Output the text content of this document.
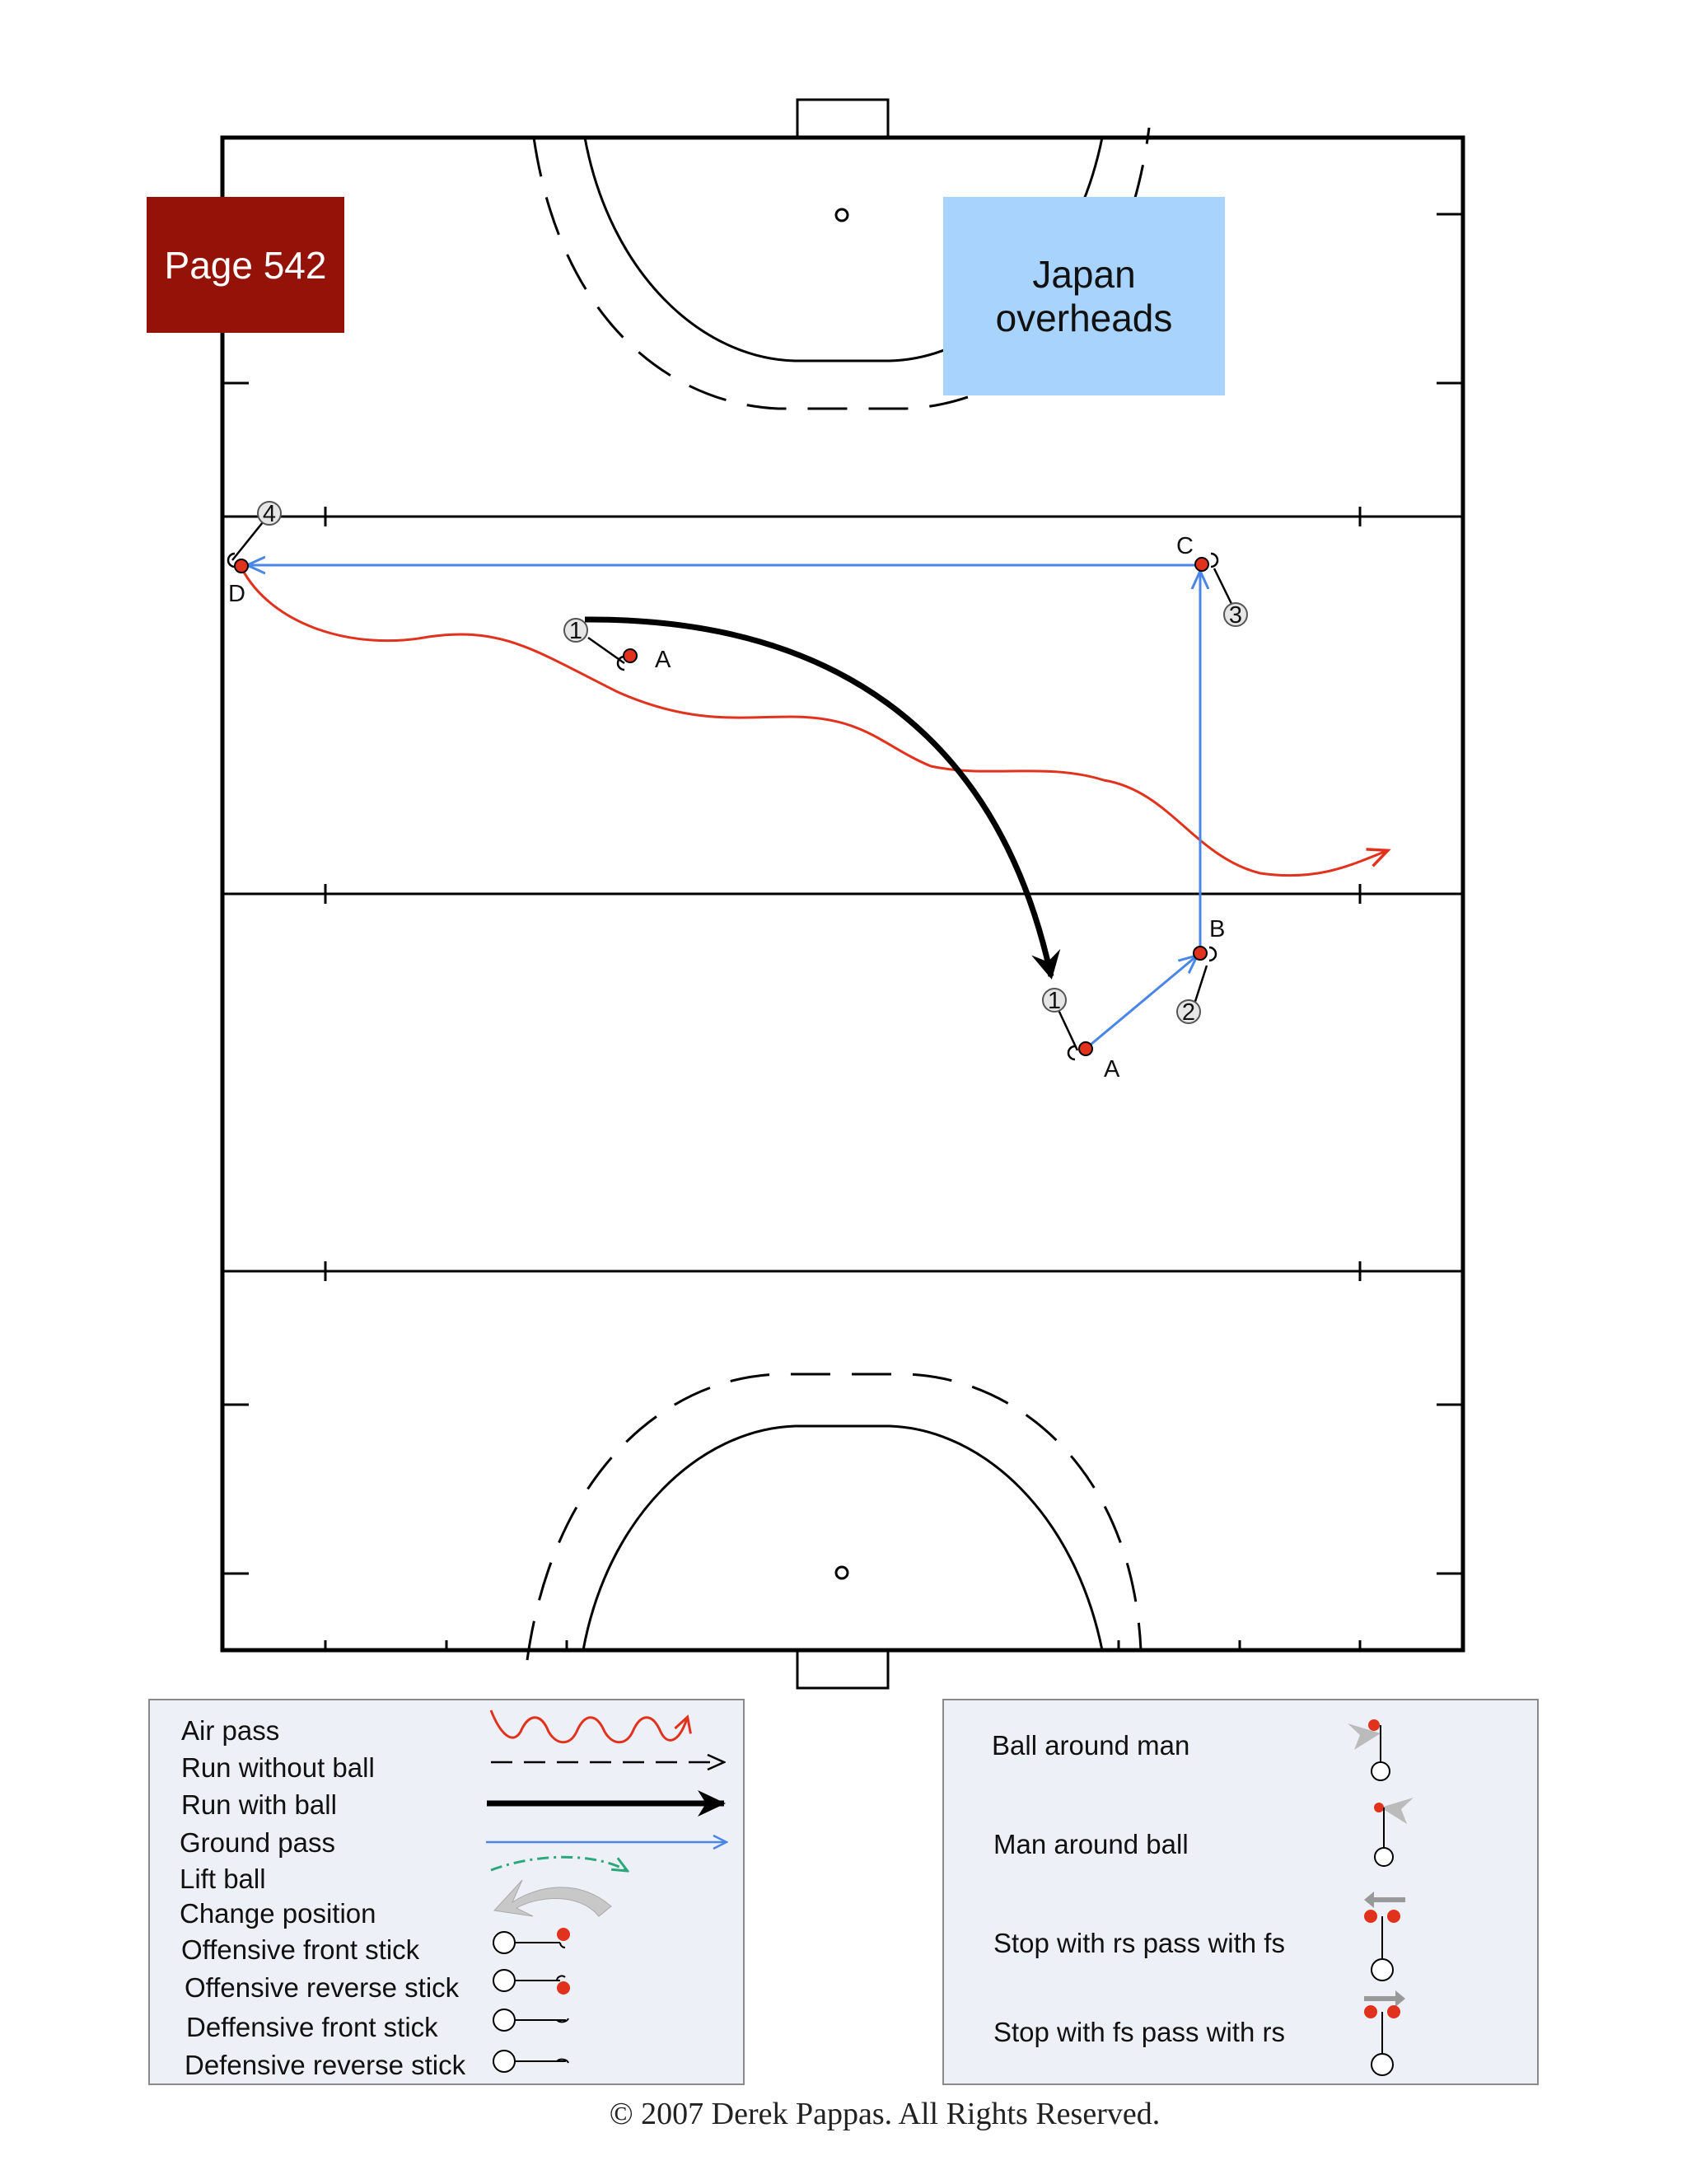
1
1	2
3
4
A
A
B
C
D
Page 542	Japan overheads
Air pass
Run without ball
Run with ball
Ground pass
Lift ball
Change position
Offensive front stick
Offensive reverse stick
Deffensive front stick
Defensive reverse stick
Ball around man
Man around ball
Stop with rs pass with fs
Stop with fs pass with rs
© 2007 Derek Pappas. All Rights Reserved.
